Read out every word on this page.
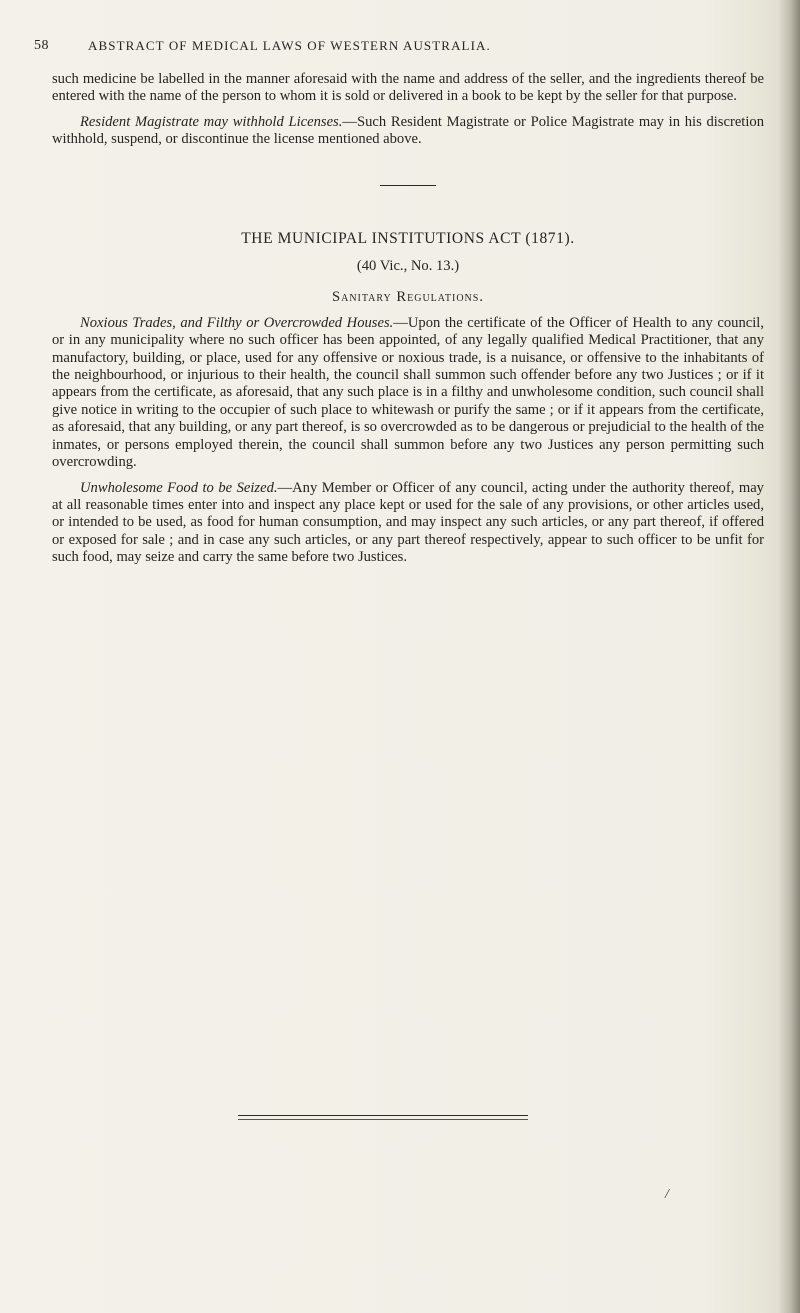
58	ABSTRACT OF MEDICAL LAWS OF WESTERN AUSTRALIA.

such medicine be labelled in the manner aforesaid with the name and address of the seller, and the ingredients thereof be entered with the name of the person to whom it is sold or delivered in a book to be kept by the seller for that purpose.

Resident Magistrate may withhold Licenses.—Such Resident Magistrate or Police Magistrate may in his discretion withhold, suspend, or discontinue the license mentioned above.

THE MUNICIPAL INSTITUTIONS ACT (1871).
(40 Vic., No. 13.)
Sanitary Regulations.

Noxious Trades, and Filthy or Overcrowded Houses.—Upon the certificate of the Officer of Health to any council, or in any municipality where no such officer has been appointed, of any legally qualified Medical Practitioner, that any manufactory, building, or place, used for any offensive or noxious trade, is a nuisance, or offensive to the inhabitants of the neighbourhood, or injurious to their health, the council shall summon such offender before any two Justices ; or if it appears from the certificate, as aforesaid, that any such place is in a filthy and unwholesome condition, such council shall give notice in writing to the occupier of such place to whitewash or purify the same ; or if it appears from the certificate, as aforesaid, that any building, or any part thereof, is so overcrowded as to be dangerous or prejudicial to the health of the inmates, or persons employed therein, the council shall summon before any two Justices any person permitting such overcrowding.

Unwholesome Food to be Seized.—Any Member or Officer of any council, acting under the authority thereof, may at all reasonable times enter into and inspect any place kept or used for the sale of any provisions, or other articles used, or intended to be used, as food for human consumption, and may inspect any such articles, or any part thereof, if offered or exposed for sale ; and in case any such articles, or any part thereof respectively, appear to such officer to be unfit for such food, may seize and carry the same before two Justices.

/
